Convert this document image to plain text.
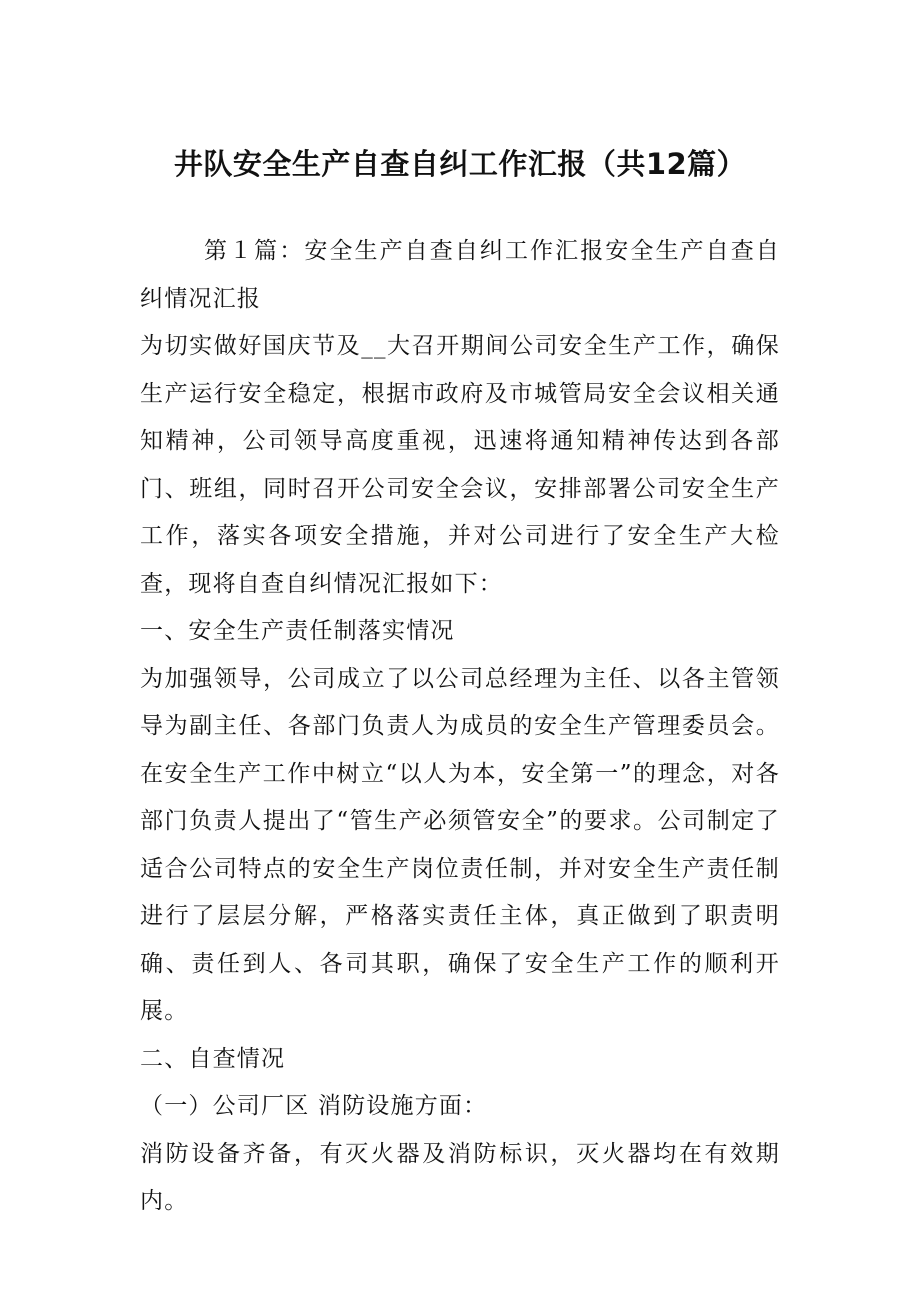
井队安全生产自查自纠工作汇报（共12篇）

第１篇：安全生产自查自纠工作汇报安全生产自查自纠情况汇报

为切实做好国庆节及__大召开期间公司安全生产工作，确保生产运行安全稳定，根据市政府及市城管局安全会议相关通知精神，公司领导高度重视，迅速将通知精神传达到各部门、班组，同时召开公司安全会议，安排部署公司安全生产工作，落实各项安全措施，并对公司进行了安全生产大检查，现将自查自纠情况汇报如下：

一、安全生产责任制落实情况

为加强领导，公司成立了以公司总经理为主任、以各主管领导为副主任、各部门负责人为成员的安全生产管理委员会。在安全生产工作中树立“以人为本，安全第一”的理念，对各部门负责人提出了“管生产必须管安全”的要求。公司制定了适合公司特点的安全生产岗位责任制，并对安全生产责任制进行了层层分解，严格落实责任主体，真正做到了职责明确、责任到人、各司其职，确保了安全生产工作的顺利开展。

二、自查情况

（一）公司厂区 消防设施方面：

消防设备齐备，有灭火器及消防标识，灭火器均在有效期内。
